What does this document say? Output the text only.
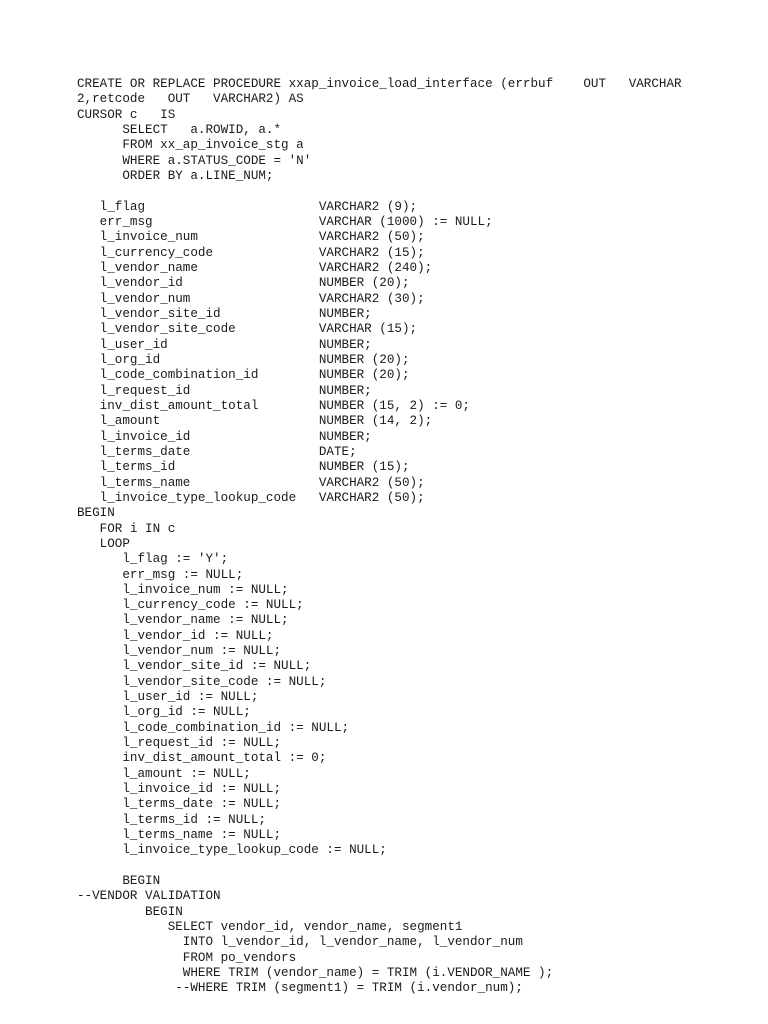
CREATE OR REPLACE PROCEDURE xxap_invoice_load_interface (errbuf    OUT   VARCHAR
2,retcode   OUT   VARCHAR2) AS
CURSOR c   IS
SELECT   a.ROWID, a.*
FROM xx_ap_invoice_stg a
WHERE a.STATUS_CODE = 'N'
ORDER BY a.LINE_NUM;
l_flag                       VARCHAR2 (9);
err_msg                      VARCHAR (1000) := NULL;
l_invoice_num                VARCHAR2 (50);
l_currency_code              VARCHAR2 (15);
l_vendor_name                VARCHAR2 (240);
l_vendor_id                  NUMBER (20);
l_vendor_num                 VARCHAR2 (30);
l_vendor_site_id             NUMBER;
l_vendor_site_code           VARCHAR (15);
l_user_id                    NUMBER;
l_org_id                     NUMBER (20);
l_code_combination_id        NUMBER (20);
l_request_id                 NUMBER;
inv_dist_amount_total        NUMBER (15, 2) := 0;
l_amount                     NUMBER (14, 2);
l_invoice_id                 NUMBER;
l_terms_date                 DATE;
l_terms_id                   NUMBER (15);
l_terms_name                 VARCHAR2 (50);
l_invoice_type_lookup_code   VARCHAR2 (50);
BEGIN
FOR i IN c
LOOP
l_flag := 'Y';
err_msg := NULL;
l_invoice_num := NULL;
l_currency_code := NULL;
l_vendor_name := NULL;
l_vendor_id := NULL;
l_vendor_num := NULL;
l_vendor_site_id := NULL;
l_vendor_site_code := NULL;
l_user_id := NULL;
l_org_id := NULL;
l_code_combination_id := NULL;
l_request_id := NULL;
inv_dist_amount_total := 0;
l_amount := NULL;
l_invoice_id := NULL;
l_terms_date := NULL;
l_terms_id := NULL;
l_terms_name := NULL;
l_invoice_type_lookup_code := NULL;
BEGIN
--VENDOR VALIDATION
BEGIN
SELECT vendor_id, vendor_name, segment1
INTO l_vendor_id, l_vendor_name, l_vendor_num
FROM po_vendors
WHERE TRIM (vendor_name) = TRIM (i.VENDOR_NAME );
--WHERE TRIM (segment1) = TRIM (i.vendor_num);
